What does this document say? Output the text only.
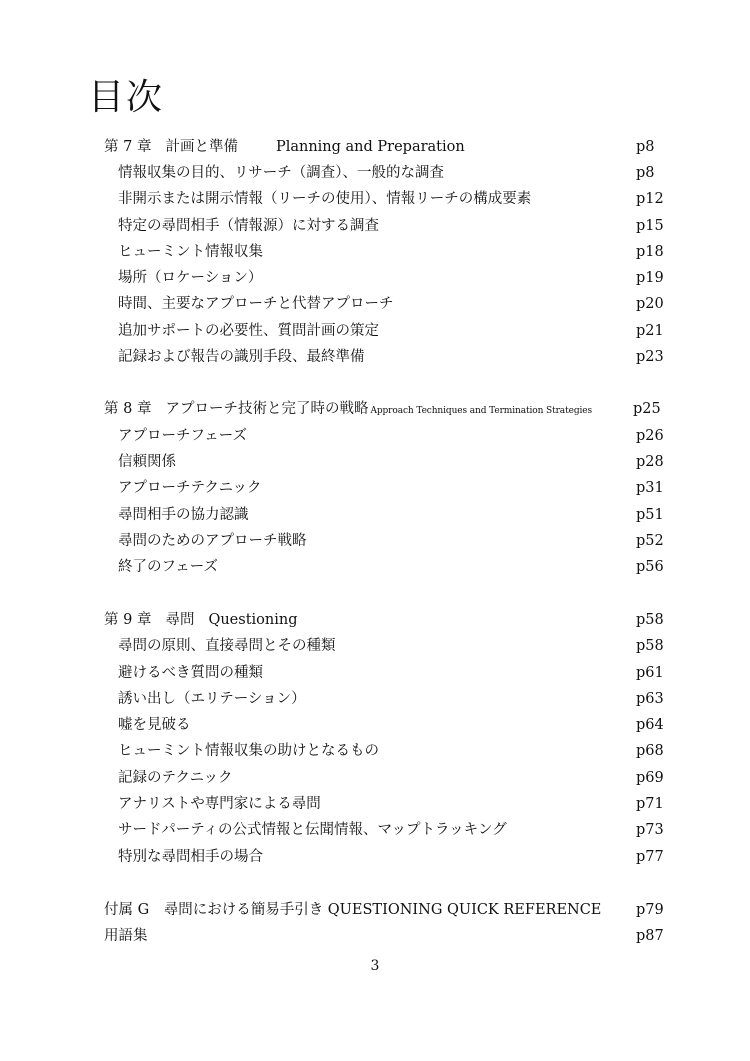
目次
第 7 章 計画と準備	Planning and Preparation	p8
情報収集の目的、リサーチ（調査）、一般的な調査	p8
非開示または開示情報（リーチの使用）、情報リーチの構成要素	p12
特定の尋問相手（情報源）に対する調査	p15
ヒューミント情報収集	p18
場所（ロケーション）	p19
時間、主要なアプローチと代替アプローチ	p20
追加サポートの必要性、質問計画の策定	p21
記録および報告の識別手段、最終準備	p23
第 8 章 アプローチ技術と完了時の戦略 Approach Techniques and Termination Strategies	p25
アプローチフェーズ	p26
信頼関係	p28
アプローチテクニック	p31
尋問相手の協力認識	p51
尋問のためのアプローチ戦略	p52
終了のフェーズ	p56
第 9 章 尋問 Questioning	p58
尋問の原則、直接尋問とその種類	p58
避けるべき質問の種類	p61
誘い出し（エリテーション）	p63
嘘を見破る	p64
ヒューミント情報収集の助けとなるもの	p68
記録のテクニック	p69
アナリストや専門家による尋問	p71
サードパーティの公式情報と伝聞情報、マップトラッキング	p73
特別な尋問相手の場合	p77
付属 G　尋問における簡易手引き QUESTIONING QUICK REFERENCE p79
用語集	p87
3
